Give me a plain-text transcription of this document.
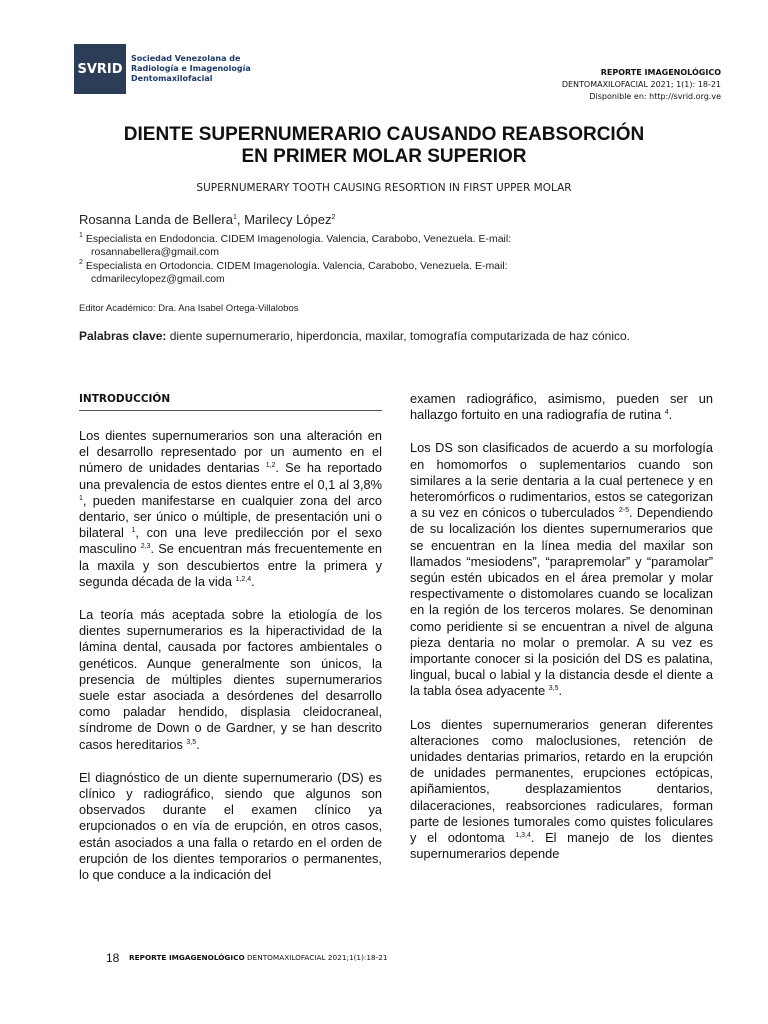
SVRID
Sociedad Venezolana de
Radiología e Imagenología
Dentomaxilofacial
REPORTE IMAGENOLÓGICO
DENTOMAXILOFACIAL 2021; 1(1): 18-21
Disponible en: http://svrid.org.ve
DIENTE SUPERNUMERARIO CAUSANDO REABSORCIÓN
EN PRIMER MOLAR SUPERIOR
SUPERNUMERARY TOOTH CAUSING RESORTION IN FIRST UPPER MOLAR
Rosanna Landa de Bellera$^1$, Marilecy López$^2$
$^1$ Especialista en Endodoncia. CIDEM Imagenologia. Valencia, Carabobo, Venezuela. E-mail:
rosannabellera@gmail.com
$^2$ Especialista en Ortodoncia. CIDEM Imagenología. Valencia, Carabobo, Venezuela. E-mail:
cdmarilecylopez@gmail.com
Editor Académico: Dra. Ana Isabel Ortega-Villalobos
Palabras clave: diente supernumerario, hiperdoncia, maxilar, tomografía computarizada de haz cónico.
INTRODUCCIÓN

Los dientes supernumerarios son una alteración en el desarrollo representado por un aumento en el número de unidades dentarias $^{1,2}$. Se ha reportado una prevalencia de estos dientes entre el 0,1 al 3,8% $^1$, pueden manifestarse en cualquier zona del arco dentario, ser único o múltiple, de presentación uni o bilateral $^1$, con una leve predilección por el sexo masculino $^{2,3}$. Se encuentran más frecuentemente en la maxila y son descubiertos entre la primera y segunda década de la vida $^{1,2,4}$.

La teoría más aceptada sobre la etiología de los dientes supernumerarios es la hiperactividad de la lámina dental, causada por factores ambientales o genéticos. Aunque generalmente son únicos, la presencia de múltiples dientes supernumerarios suele estar asociada a desórdenes del desarrollo como paladar hendido, displasia cleidocraneal, síndrome de Down o de Gardner, y se han descrito casos hereditarios $^{3,5}$.

El diagnóstico de un diente supernumerario (DS) es clínico y radiográfico, siendo que algunos son observados durante el examen clínico ya erupcionados o en vía de erupción, en otros casos, están asociados a una falla o retardo en el orden de erupción de los dientes temporarios o permanentes, lo que conduce a la indicación del

examen radiográfico, asimismo, pueden ser un hallazgo fortuito en una radiografía de rutina $^4$.

Los DS son clasificados de acuerdo a su morfología en homomorfos o suplementarios cuando son similares a la serie dentaria a la cual pertenece y en heteromórficos o rudimentarios, estos se categorizan a su vez en cónicos o tuberculados $^{2-5}$. Dependiendo de su localización los dientes supernumerarios que se encuentran en la línea media del maxilar son llamados “mesiodens”, “parapremolar” y “paramolar” según estén ubicados en el área premolar y molar respectivamente o distomolares cuando se localizan en la región de los terceros molares. Se denominan como peridiente si se encuentran a nivel de alguna pieza dentaria no molar o premolar. A su vez es importante conocer si la posición del DS es palatina, lingual, bucal o labial y la distancia desde el diente a la tabla ósea adyacente $^{3,5}$.

Los dientes supernumerarios generan diferentes alteraciones como maloclusiones, retención de unidades dentarias primarios, retardo en la erupción de unidades permanentes, erupciones ectópicas, apiñamientos, desplazamientos dentarios, dilaceraciones, reabsorciones radiculares, forman parte de lesiones tumorales como quistes foliculares y el odontoma $^{1,3,4}$. El manejo de los dientes supernumerarios depende

18 REPORTE IMGAGENOLÓGICO DENTOMAXILOFACIAL 2021;1(1):18-21
